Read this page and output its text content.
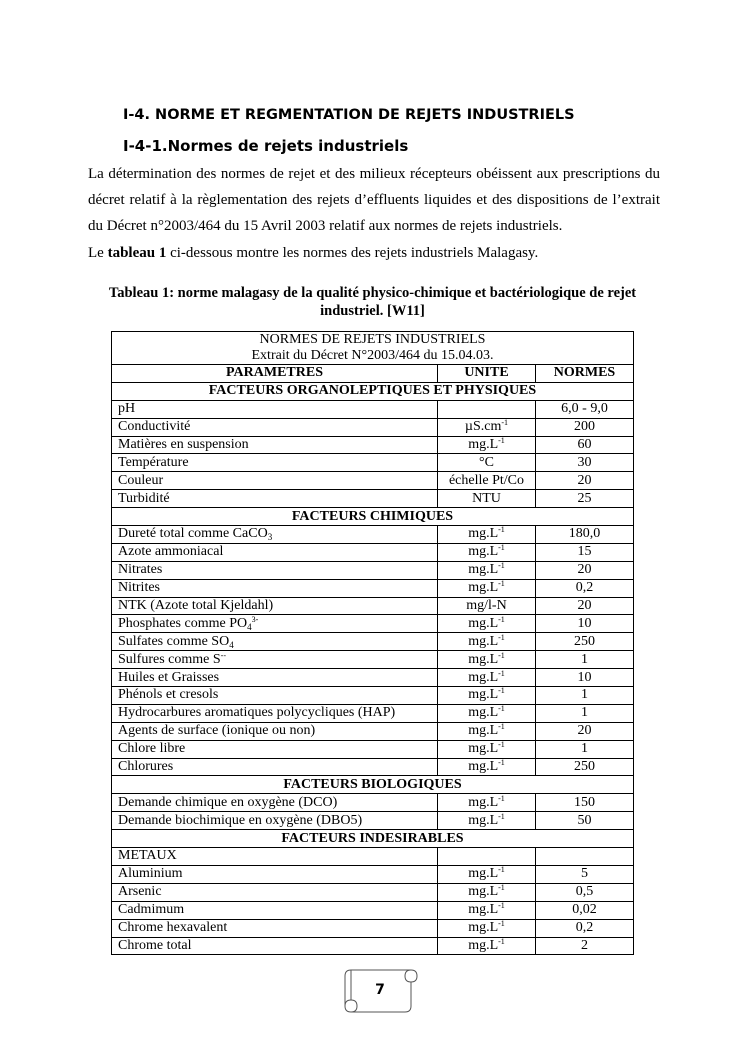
I-4. NORME ET REGMENTATION DE REJETS INDUSTRIELS
I-4-1.Normes de rejets industriels
La détermination des normes de rejet et des milieux récepteurs obéissent aux prescriptions du décret relatif à la règlementation des rejets d’effluents liquides et des dispositions de l’extrait du Décret n°2003/464 du 15 Avril 2003 relatif aux normes de rejets industriels.
Le tableau 1 ci-dessous montre les normes des rejets industriels Malagasy.
Tableau 1: norme malagasy de la qualité physico-chimique et bactériologique de rejet industriel. [W11]
NORMES DE REJETS INDUSTRIELS
Extrait du Décret N°2003/464 du 15.04.03.		

PARAMETRES	UNITE	NORMES
FACTEURS ORGANOLEPTIQUES ET PHYSIQUES		
pH		6,0 - 9,0
Conductivité	$\mu S.cm^{-1}$	200
Matières en suspension	$mg.L^{-1}$	60
Température	°C	30
Couleur	échelle Pt/Co	20
Turbidité	NTU	25
FACTEURS CHIMIQUES		
Dureté total comme CaCO$_3$	$mg.L^{-1}$	180,0
Azote ammoniacal	$mg.L^{-1}$	15
Nitrates	$mg.L^{-1}$	20
Nitrites	$mg.L^{-1}$	0,2
NTK (Azote total Kjeldahl)	mg/l-N	20
Phosphates comme $PO_4^{3-}$	$mg.L^{-1}$	10
Sulfates comme $SO_4$	$mg.L^{-1}$	250
Sulfures comme S--	$mg.L^{-1}$	1
Huiles et Graisses	$mg.L^{-1}$	10
Phénols et cresols	$mg.L^{-1}$	1
Hydrocarbures aromatiques polycycliques (HAP)	$mg.L^{-1}$	1
Agents de surface (ionique ou non)	$mg.L^{-1}$	20
Chlore libre	$mg.L^{-1}$	1
Chlorures	$mg.L^{-1}$	250
FACTEURS BIOLOGIQUES		
Demande chimique en oxygène (DCO)	$mg.L^{-1}$	150
Demande biochimique en oxygène (DBO5)	$mg.L^{-1}$	50
FACTEURS INDESIRABLES		
METAUX		
Aluminium	$mg.L^{-1}$	5
Arsenic	$mg.L^{-1}$	0,5
Cadmimum	$mg.L^{-1}$	0,02
Chrome hexavalent	$mg.L^{-1}$	0,2
Chrome total	$mg.L^{-1}$	2
7
